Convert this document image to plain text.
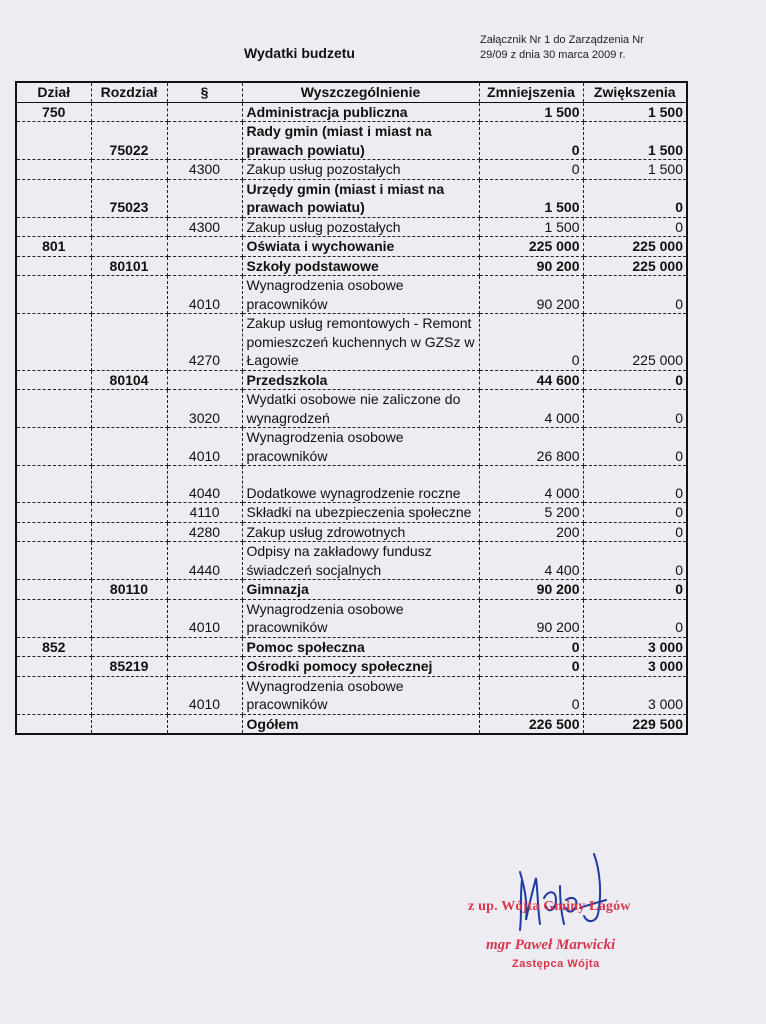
Załącznik Nr 1 do Zarządzenia Nr
29/09 z dnia 30 marca 2009 r.
Wydatki budzetu
Dział	Rozdział	§	Wyszczególnienie	Zmniejszenia	Zwiększenia
750			Administracja publiczna	1 500	1 500
	75022		Rady gmin (miast i miast na prawach powiatu)	0	1 500
		4300	Zakup usług pozostałych	0	1 500
	75023		Urzędy gmin (miast i miast na prawach powiatu)	1 500	0
		4300	Zakup usług pozostałych	1 500	0
801			Oświata i wychowanie	225 000	225 000
	80101		Szkoły podstawowe	90 200	225 000
		4010	Wynagrodzenia osobowe pracowników	90 200	0
		4270	Zakup usług remontowych - Remont pomieszczeń kuchennych w GZSz w Łagowie	0	225 000
	80104		Przedszkola	44 600	0
		3020	Wydatki osobowe nie zaliczone do wynagrodzeń	4 000	0
		4010	Wynagrodzenia osobowe pracowników	26 800	0
		4040	Dodatkowe wynagrodzenie roczne	4 000	0
		4110	Składki na ubezpieczenia społeczne	5 200	0
		4280	Zakup usług zdrowotnych	200	0
		4440	Odpisy na zakładowy fundusz świadczeń socjalnych	4 400	0
	80110		Gimnazja	90 200	0
		4010	Wynagrodzenia osobowe pracowników	90 200	0
852			Pomoc społeczna	0	3 000
	85219		Ośrodki pomocy społecznej	0	3 000
		4010	Wynagrodzenia osobowe pracowników	0	3 000
			Ogółem	226 500	229 500
z up. Wójta Gminy Łagów
mgr Paweł Marwicki
Zastępca Wójta
